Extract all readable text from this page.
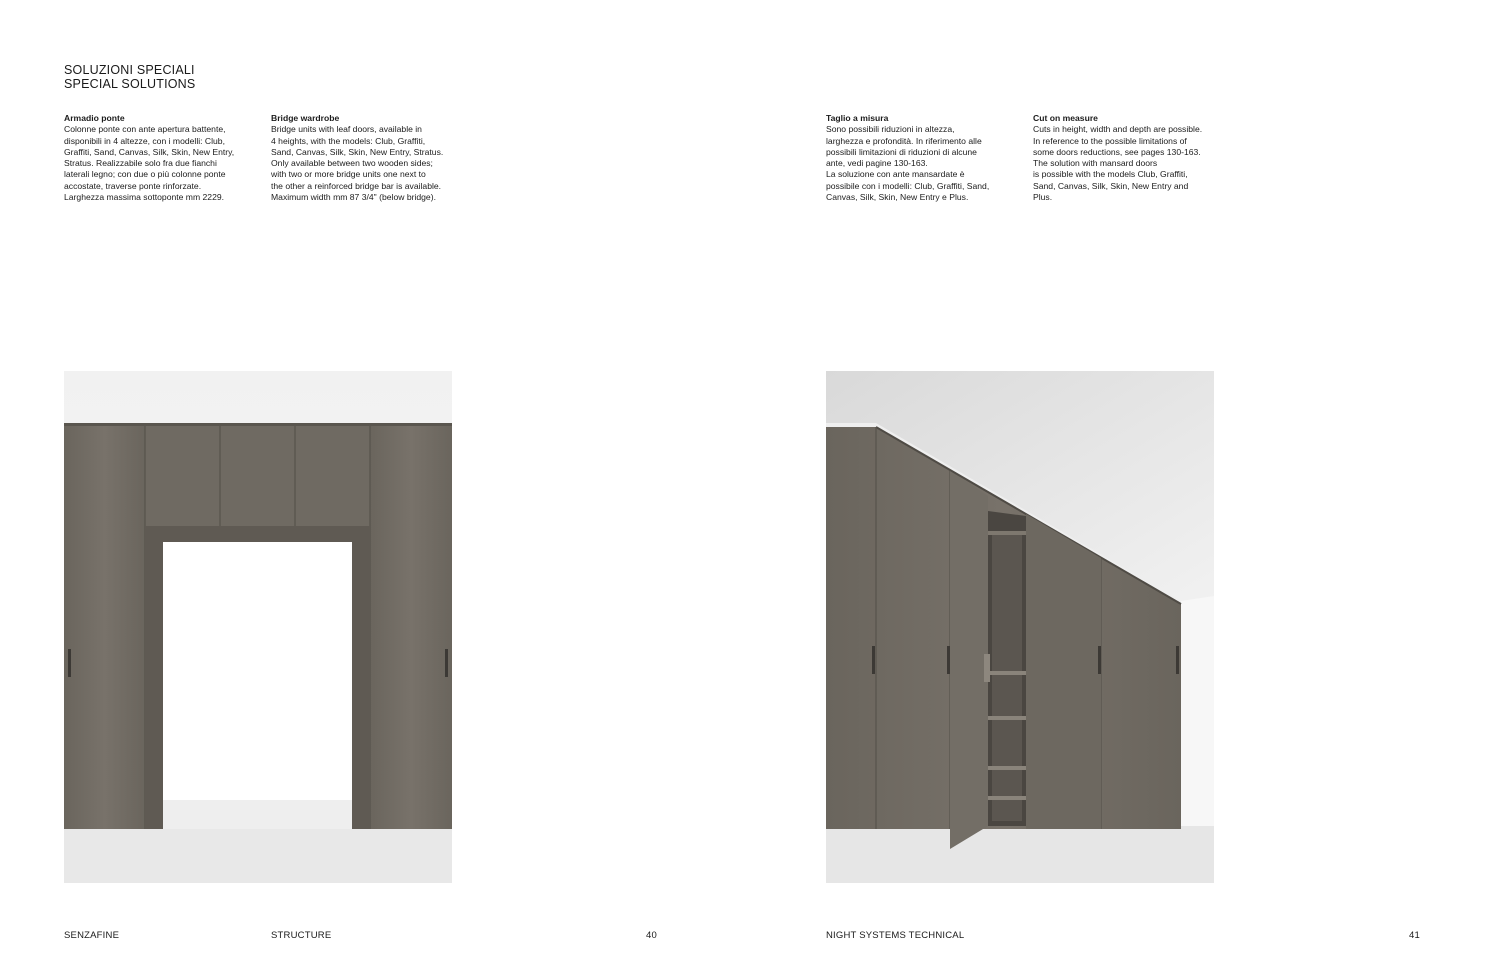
SOLUZIONI SPECIALI
SPECIAL SOLUTIONS
Armadio ponte
Colonne ponte con ante apertura battente,
disponibili in 4 altezze, con i modelli: Club,
Graffiti, Sand, Canvas, Silk, Skin, New Entry,
Stratus. Realizzabile solo fra due fianchi
laterali legno; con due o più colonne ponte
accostate, traverse ponte rinforzate.
Larghezza massima sottoponte mm 2229.
Bridge wardrobe
Bridge units with leaf doors, available in
4 heights, with the models: Club, Graffiti,
Sand, Canvas, Silk, Skin, New Entry, Stratus.
Only available between two wooden sides;
with two or more bridge units one next to
the other a reinforced bridge bar is available.
Maximum width mm 87 3/4" (below bridge).
Taglio a misura
Sono possibili riduzioni in altezza,
larghezza e profondità. In riferimento alle
possibili limitazioni di riduzioni di alcune
ante, vedi pagine 130-163.
La soluzione con ante mansardate è
possibile con i modelli: Club, Graffiti, Sand,
Canvas, Silk, Skin, New Entry e Plus.
Cut on measure
Cuts in height, width and depth are possible.
In reference to the possible limitations of
some doors reductions, see pages 130-163.
The solution with mansard doors
is possible with the models Club, Graffiti,
Sand, Canvas, Silk, Skin, New Entry and
Plus.
SENZAFINE	STRUCTURE	40	NIGHT SYSTEMS TECHNICAL	41
